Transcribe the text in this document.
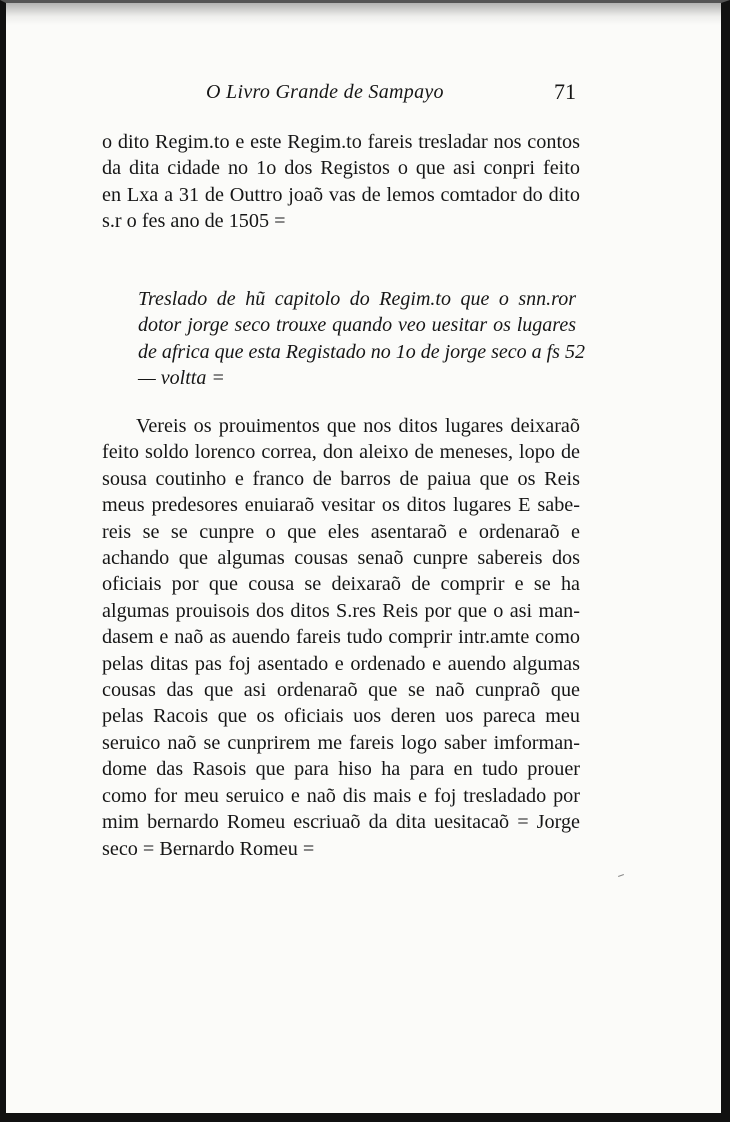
O Livro Grande de Sampayo	71
o dito Regim.to e este Regim.to fareis tresladar nos contos
da dita cidade no 1o dos Registos o que asi conpri feito
en Lxa a 31 de Outtro joaõ vas de lemos comtador do dito
s.r o fes ano de 1505 =
Treslado de hũ capitolo do Regim.to que o snn.ror
dotor jorge seco trouxe quando veo uesitar os lugares
de africa que esta Registado no 1o de jorge seco a fs 52
— voltta =
Vereis os prouimentos que nos ditos lugares deixaraõ
feito soldo lorenco correa, don aleixo de meneses, lopo de
sousa coutinho e franco de barros de paiua que os Reis
meus predesores enuiaraõ vesitar os ditos lugares E sabe-
reis se se cunpre o que eles asentaraõ e ordenaraõ e
achando que algumas cousas senaõ cunpre sabereis dos
oficiais por que cousa se deixaraõ de comprir e se ha
algumas prouisois dos ditos S.res Reis por que o asi man-
dasem e naõ as auendo fareis tudo comprir intr.amte como
pelas ditas pas foj asentado e ordenado e auendo algumas
cousas das que asi ordenaraõ que se naõ cunpraõ que
pelas Racois que os oficiais uos deren uos pareca meu
seruico naõ se cunprirem me fareis logo saber imforman-
dome das Rasois que para hiso ha para en tudo prouer
como for meu seruico e naõ dis mais e foj tresladado por
mim bernardo Romeu escriuaõ da dita uesitacaõ = Jorge
seco = Bernardo Romeu =
